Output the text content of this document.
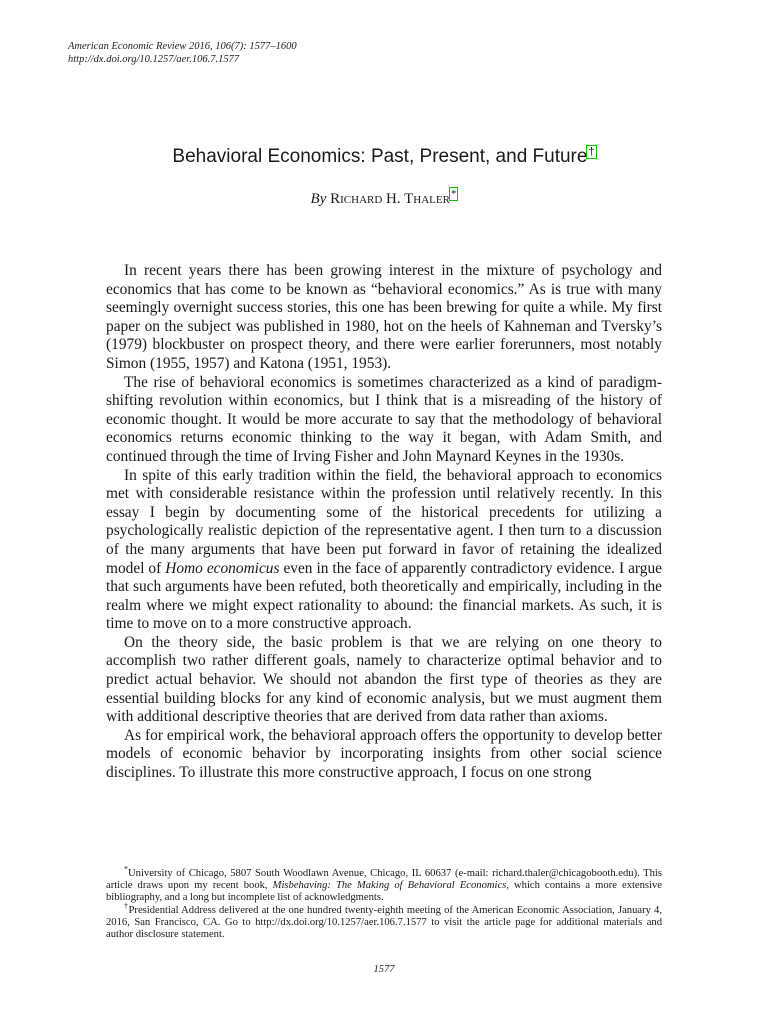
American Economic Review 2016, 106(7): 1577–1600
http://dx.doi.org/10.1257/aer.106.7.1577
Behavioral Economics: Past, Present, and Future†
By Richard H. Thaler*

In recent years there has been growing interest in the mixture of psychology and economics that has come to be known as “behavioral economics.” As is true with many seemingly overnight success stories, this one has been brewing for quite a while. My first paper on the subject was published in 1980, hot on the heels of Kahneman and Tversky’s (1979) blockbuster on prospect theory, and there were earlier forerunners, most notably Simon (1955, 1957) and Katona (1951, 1953).

The rise of behavioral economics is sometimes characterized as a kind of paradigm-shifting revolution within economics, but I think that is a misreading of the history of economic thought. It would be more accurate to say that the methodology of behavioral economics returns economic thinking to the way it began, with Adam Smith, and continued through the time of Irving Fisher and John Maynard Keynes in the 1930s.

In spite of this early tradition within the field, the behavioral approach to economics met with considerable resistance within the profession until relatively recently. In this essay I begin by documenting some of the historical precedents for utilizing a psychologically realistic depiction of the representative agent. I then turn to a discussion of the many arguments that have been put forward in favor of retaining the idealized model of Homo economicus even in the face of apparently contradictory evidence. I argue that such arguments have been refuted, both theoretically and empirically, including in the realm where we might expect rationality to abound: the financial markets. As such, it is time to move on to a more constructive approach.

On the theory side, the basic problem is that we are relying on one theory to accomplish two rather different goals, namely to characterize optimal behavior and to predict actual behavior. We should not abandon the first type of theories as they are essential building blocks for any kind of economic analysis, but we must augment them with additional descriptive theories that are derived from data rather than axioms.

As for empirical work, the behavioral approach offers the opportunity to develop better models of economic behavior by incorporating insights from other social science disciplines. To illustrate this more constructive approach, I focus on one strong

*University of Chicago, 5807 South Woodlawn Avenue, Chicago, IL 60637 (e-mail: richard.thaler@chicagobooth.edu). This article draws upon my recent book, Misbehaving: The Making of Behavioral Economics, which contains a more extensive bibliography, and a long but incomplete list of acknowledgments.

†Presidential Address delivered at the one hundred twenty-eighth meeting of the American Economic Association, January 4, 2016, San Francisco, CA. Go to http://dx.doi.org/10.1257/aer.106.7.1577 to visit the article page for additional materials and author disclosure statement.

1577
